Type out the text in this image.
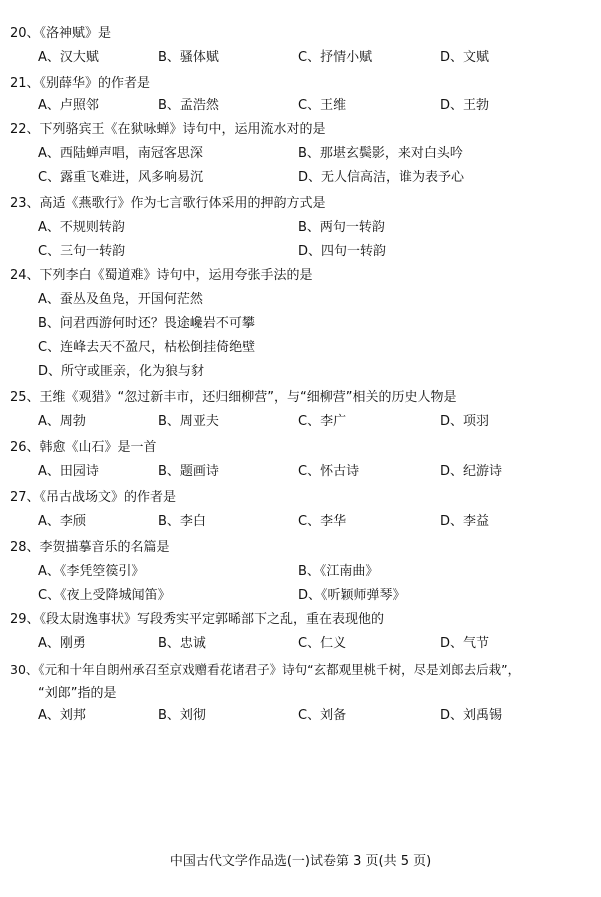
20、《洛神赋》是
A、汉大赋	B、骚体赋	C、抒情小赋	D、文赋
21、《别薛华》的作者是
A、卢照邻	B、孟浩然	C、王维	D、王勃
22、下列骆宾王《在狱咏蝉》诗句中，运用流水对的是
A、西陆蝉声唱，南冠客思深	B、那堪玄鬓影，来对白头吟
C、露重飞难进，风多响易沉	D、无人信高洁，谁为表予心
23、高适《燕歌行》作为七言歌行体采用的押韵方式是
A、不规则转韵	B、两句一转韵
C、三句一转韵	D、四句一转韵
24、下列李白《蜀道难》诗句中，运用夸张手法的是
A、蚕丛及鱼凫，开国何茫然
B、问君西游何时还？畏途巉岩不可攀
C、连峰去天不盈尺，枯松倒挂倚绝壁
D、所守或匪亲，化为狼与豺
25、王维《观猎》“忽过新丰市，还归细柳营”，与“细柳营”相关的历史人物是
A、周勃	B、周亚夫	C、李广	D、项羽
26、韩愈《山石》是一首
A、田园诗	B、题画诗	C、怀古诗	D、纪游诗
27、《吊古战场文》的作者是
A、李颀	B、李白	C、李华	D、李益
28、李贺描摹音乐的名篇是
A、《李凭箜篌引》	B、《江南曲》
C、《夜上受降城闻笛》	D、《听颖师弹琴》
29、《段太尉逸事状》写段秀实平定郭晞部下之乱，重在表现他的
A、刚勇	B、忠诚	C、仁义	D、气节
30、《元和十年自朗州承召至京戏赠看花诸君子》诗句“玄都观里桃千树，尽是刘郎去后栽”，
“刘郎”指的是
A、刘邦	B、刘彻	C、刘备	D、刘禹锡
中国古代文学作品选(一)试卷第 3 页(共 5 页)
